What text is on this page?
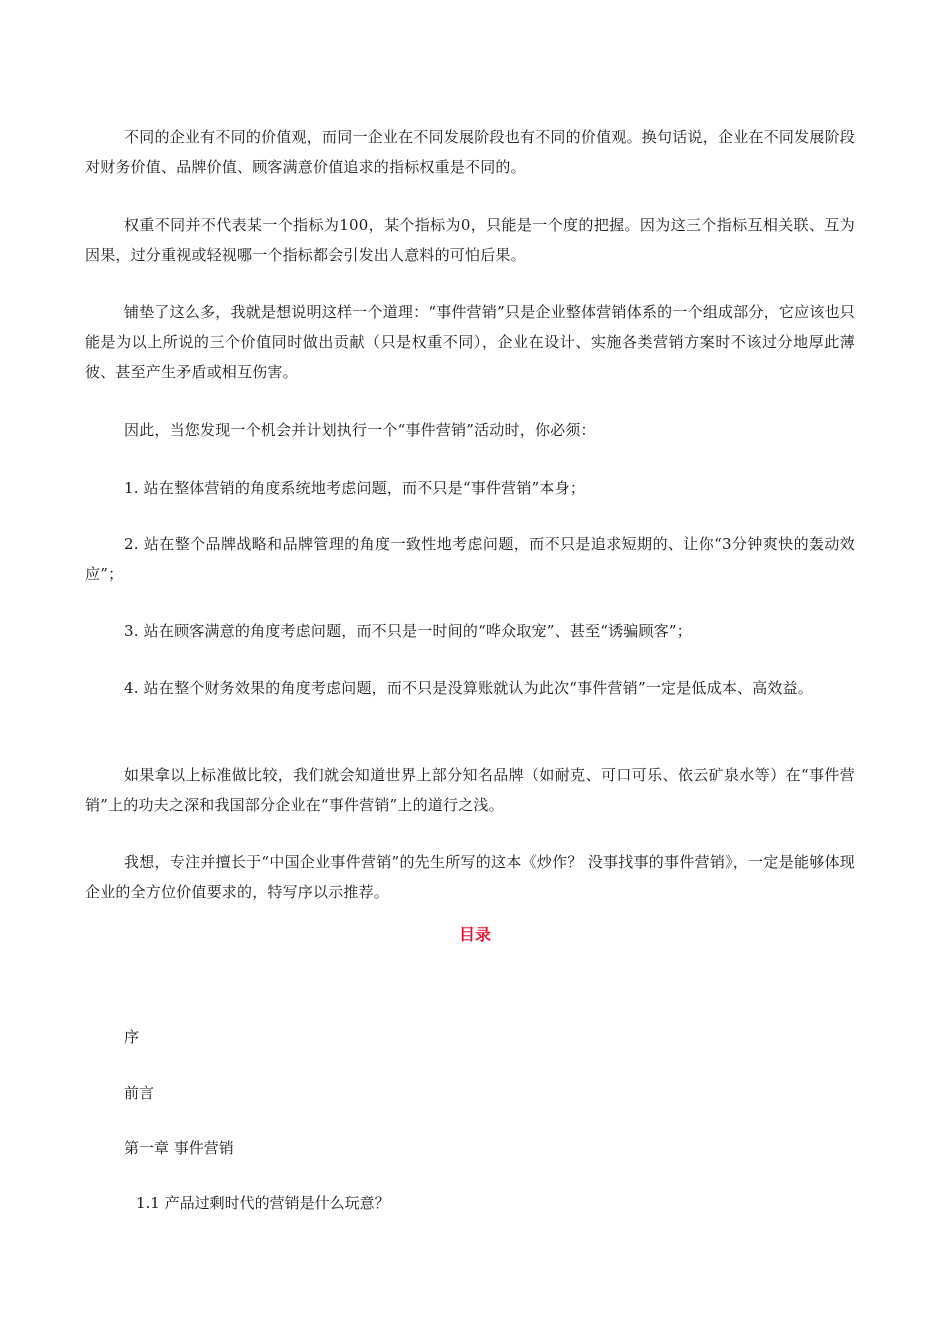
不同的企业有不同的价值观，而同一企业在不同发展阶段也有不同的价值观。换句话说，企业在不同发展阶段对财务价值、品牌价值、顾客满意价值追求的指标权重是不同的。

权重不同并不代表某一个指标为100，某个指标为0，只能是一个度的把握。因为这三个指标互相关联、互为因果，过分重视或轻视哪一个指标都会引发出人意料的可怕后果。

铺垫了这么多，我就是想说明这样一个道理：“事件营销”只是企业整体营销体系的一个组成部分，它应该也只能是为以上所说的三个价值同时做出贡献（只是权重不同），企业在设计、实施各类营销方案时不该过分地厚此薄彼、甚至产生矛盾或相互伤害。

因此，当您发现一个机会并计划执行一个“事件营销”活动时，你必须：

1. 站在整体营销的角度系统地考虑问题，而不只是“事件营销”本身；

2. 站在整个品牌战略和品牌管理的角度一致性地考虑问题，而不只是追求短期的、让你“3分钟爽快的轰动效应”；

3. 站在顾客满意的角度考虑问题，而不只是一时间的“哗众取宠”、甚至“诱骗顾客”；

4. 站在整个财务效果的角度考虑问题，而不只是没算账就认为此次“事件营销”一定是低成本、高效益。

如果拿以上标准做比较，我们就会知道世界上部分知名品牌（如耐克、可口可乐、依云矿泉水等）在“事件营销”上的功夫之深和我国部分企业在“事件营销”上的道行之浅。

我想，专注并擅长于“中国企业事件营销”的先生所写的这本《炒作？ 没事找事的事件营销》，一定是能够体现企业的全方位价值要求的，特写序以示推荐。

目录

序

前言

第一章 事件营销

1.1 产品过剩时代的营销是什么玩意？
